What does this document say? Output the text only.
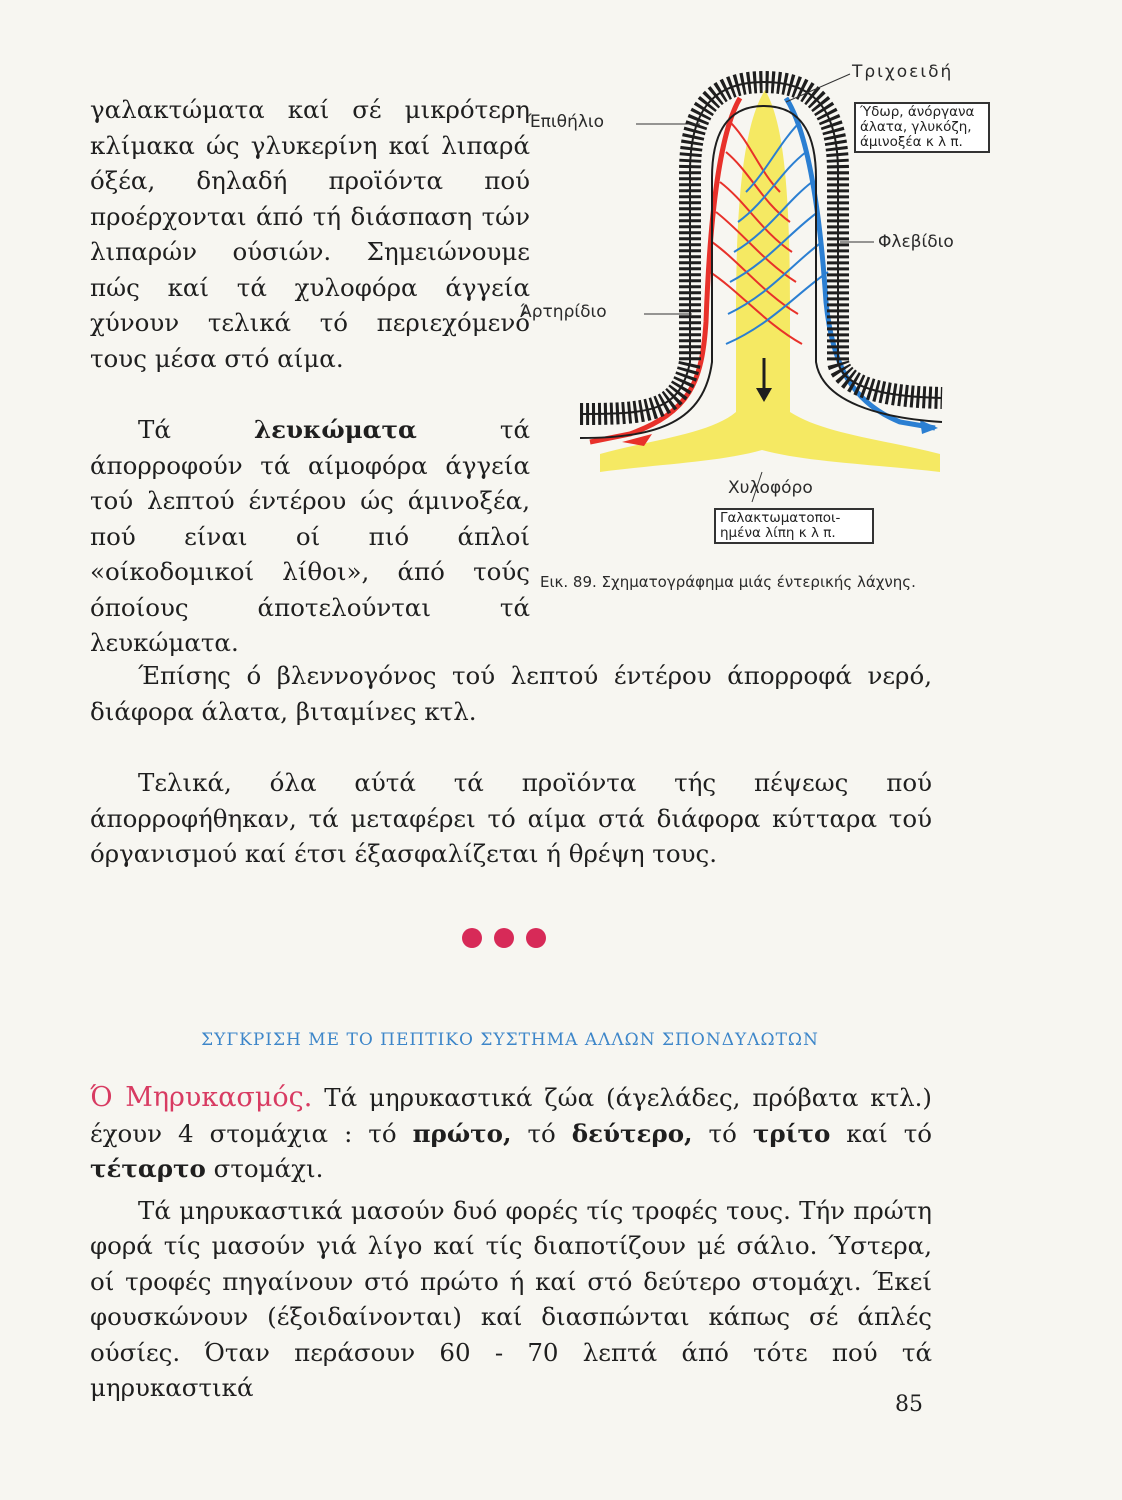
γαλακτώματα καί σέ μικρότερη κλίμακα ώς γλυκερίνη καί λιπαρά όξέα, δηλαδή προϊόντα πού προέρχονται άπό τή διάσπαση τών λιπαρών ούσιών. Σημειώνουμε πώς καί τά χυλοφόρα άγγεία χύνουν τελικά τό περιεχόμενό τους μέσα στό αίμα.

Τά λευκώματα τά άπορροφούν τά αίμοφόρα άγγεία τού λεπτού έντέρου ώς άμινοξέα, πού είναι οί πιό άπλοί «οίκοδομικοί λίθοι», άπό τούς όποίους άποτελούνται τά λευκώματα.

Έπιθήλιο
Άρτηρίδιο
Φλεβίδιο
Τριχοειδή
Χυλοφόρο
Ύδωρ, άνόργανα
άλατα, γλυκόζη,
άμινοξέα κ λ π.
Γαλακτωματοποι-
ημένα λίπη κ λ π.
Εικ. 89. Σχηματογράφημα μιάς έντερικής λάχνης.

Έπίσης ό βλεννογόνος τού λεπτού έντέρου άπορροφά νερό, διάφορα άλατα, βιταμίνες κτλ.

Τελικά, όλα αύτά τά προϊόντα τής πέψεως πού άπορροφήθηκαν, τά μεταφέρει τό αίμα στά διάφορα κύτταρα τού όργανισμού καί έτσι έξασφαλίζεται ή θρέψη τους.

ΣΥΓΚΡΙΣΗ ΜΕ ΤΟ ΠΕΠΤΙΚΟ ΣΥΣΤΗΜΑ ΑΛΛΩΝ ΣΠΟΝΔΥΛΩΤΩΝ

Ό Μηρυκασμός. Τά μηρυκαστικά ζώα (άγελάδες, πρόβατα κτλ.) έχουν 4 στομάχια : τό πρώτο, τό δεύτερο, τό τρίτο καί τό τέταρτο στομάχι.

Τά μηρυκαστικά μασούν δυό φορές τίς τροφές τους. Τήν πρώτη φορά τίς μασούν γιά λίγο καί τίς διαποτίζουν μέ σάλιο. Ύστερα, οί τροφές πηγαίνουν στό πρώτο ή καί στό δεύτερο στομάχι. Έκεί φουσκώνουν (έξοιδαίνονται) καί διασπώνται κάπως σέ άπλές ούσίες. Όταν περάσουν 60 - 70 λεπτά άπό τότε πού τά μηρυκαστικά

85
